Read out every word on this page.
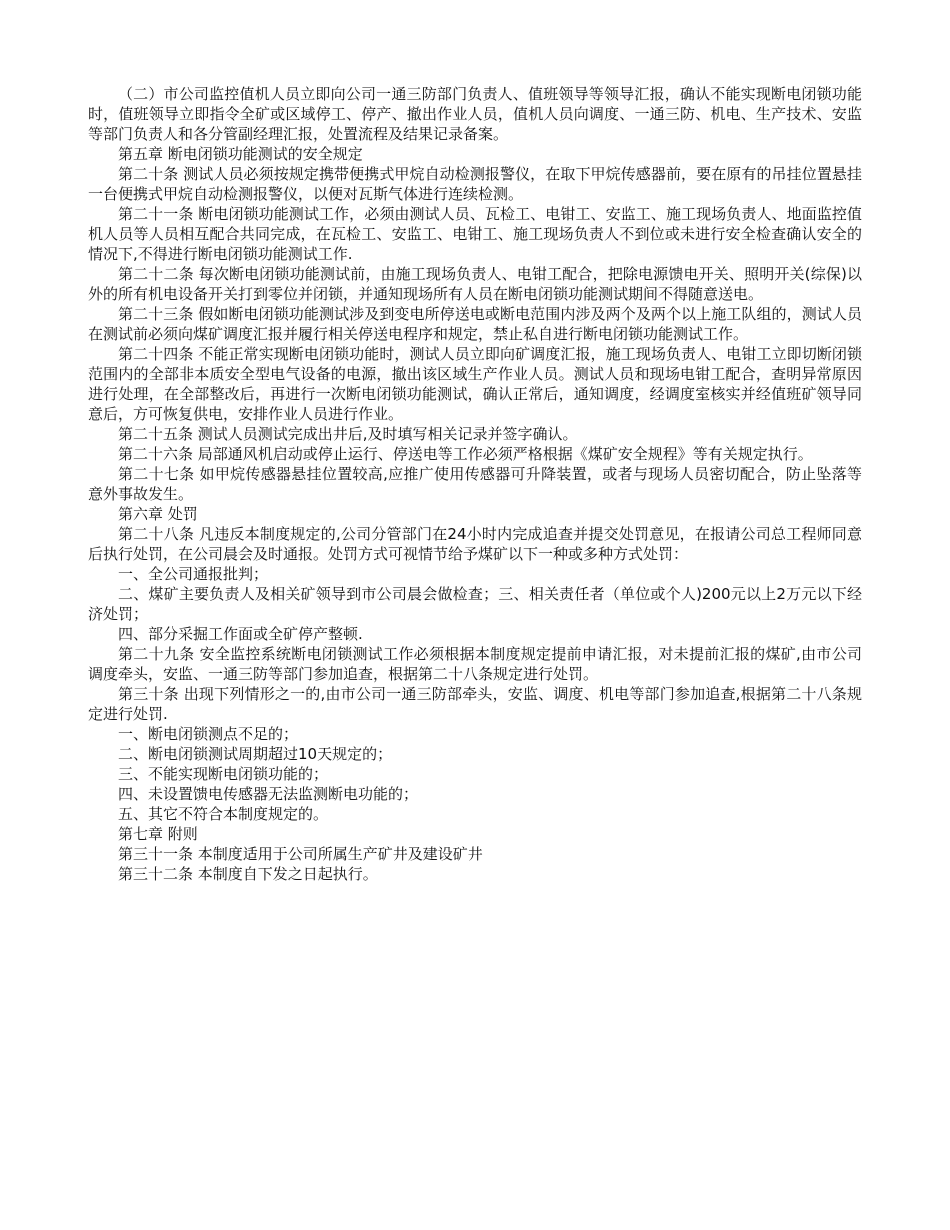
（二）市公司监控值机人员立即向公司一通三防部门负责人、值班领导等领导汇报，确认不能实现断电闭锁功能时，值班领导立即指令全矿或区域停工、停产、撤出作业人员，值机人员向调度、一通三防、机电、生产技术、安监等部门负责人和各分管副经理汇报，处置流程及结果记录备案。

第五章 断电闭锁功能测试的安全规定

第二十条 测试人员必须按规定携带便携式甲烷自动检测报警仪，在取下甲烷传感器前，要在原有的吊挂位置悬挂一台便携式甲烷自动检测报警仪，以便对瓦斯气体进行连续检测。

第二十一条 断电闭锁功能测试工作，必须由测试人员、瓦检工、电钳工、安监工、施工现场负责人、地面监控值机人员等人员相互配合共同完成，在瓦检工、安监工、电钳工、施工现场负责人不到位或未进行安全检查确认安全的情况下,不得进行断电闭锁功能测试工作.

第二十二条 每次断电闭锁功能测试前，由施工现场负责人、电钳工配合，把除电源馈电开关、照明开关(综保)以外的所有机电设备开关打到零位并闭锁，并通知现场所有人员在断电闭锁功能测试期间不得随意送电。

第二十三条 假如断电闭锁功能测试涉及到变电所停送电或断电范围内涉及两个及两个以上施工队组的，测试人员在测试前必须向煤矿调度汇报并履行相关停送电程序和规定，禁止私自进行断电闭锁功能测试工作。

第二十四条 不能正常实现断电闭锁功能时，测试人员立即向矿调度汇报，施工现场负责人、电钳工立即切断闭锁范围内的全部非本质安全型电气设备的电源，撤出该区域生产作业人员。测试人员和现场电钳工配合，查明异常原因进行处理，在全部整改后，再进行一次断电闭锁功能测试，确认正常后，通知调度，经调度室核实并经值班矿领导同意后，方可恢复供电，安排作业人员进行作业。

第二十五条 测试人员测试完成出井后,及时填写相关记录并签字确认。

第二十六条 局部通风机启动或停止运行、停送电等工作必须严格根据《煤矿安全规程》等有关规定执行。

第二十七条 如甲烷传感器悬挂位置较高,应推广使用传感器可升降装置，或者与现场人员密切配合，防止坠落等意外事故发生。

第六章 处罚

第二十八条 凡违反本制度规定的,公司分管部门在24小时内完成追查并提交处罚意见，在报请公司总工程师同意后执行处罚，在公司晨会及时通报。处罚方式可视情节给予煤矿以下一种或多种方式处罚：

一、全公司通报批判；

二、煤矿主要负责人及相关矿领导到市公司晨会做检查；三、相关责任者（单位或个人)200元以上2万元以下经济处罚；

四、部分采掘工作面或全矿停产整顿.

第二十九条 安全监控系统断电闭锁测试工作必须根据本制度规定提前申请汇报，对未提前汇报的煤矿,由市公司调度牵头，安监、一通三防等部门参加追查，根据第二十八条规定进行处罚。

第三十条 出现下列情形之一的,由市公司一通三防部牵头，安监、调度、机电等部门参加追查,根据第二十八条规定进行处罚.

一、断电闭锁测点不足的；

二、断电闭锁测试周期超过10天规定的；

三、不能实现断电闭锁功能的；

四、未设置馈电传感器无法监测断电功能的；

五、其它不符合本制度规定的。

第七章 附则

第三十一条 本制度适用于公司所属生产矿井及建设矿井

第三十二条 本制度自下发之日起执行。
